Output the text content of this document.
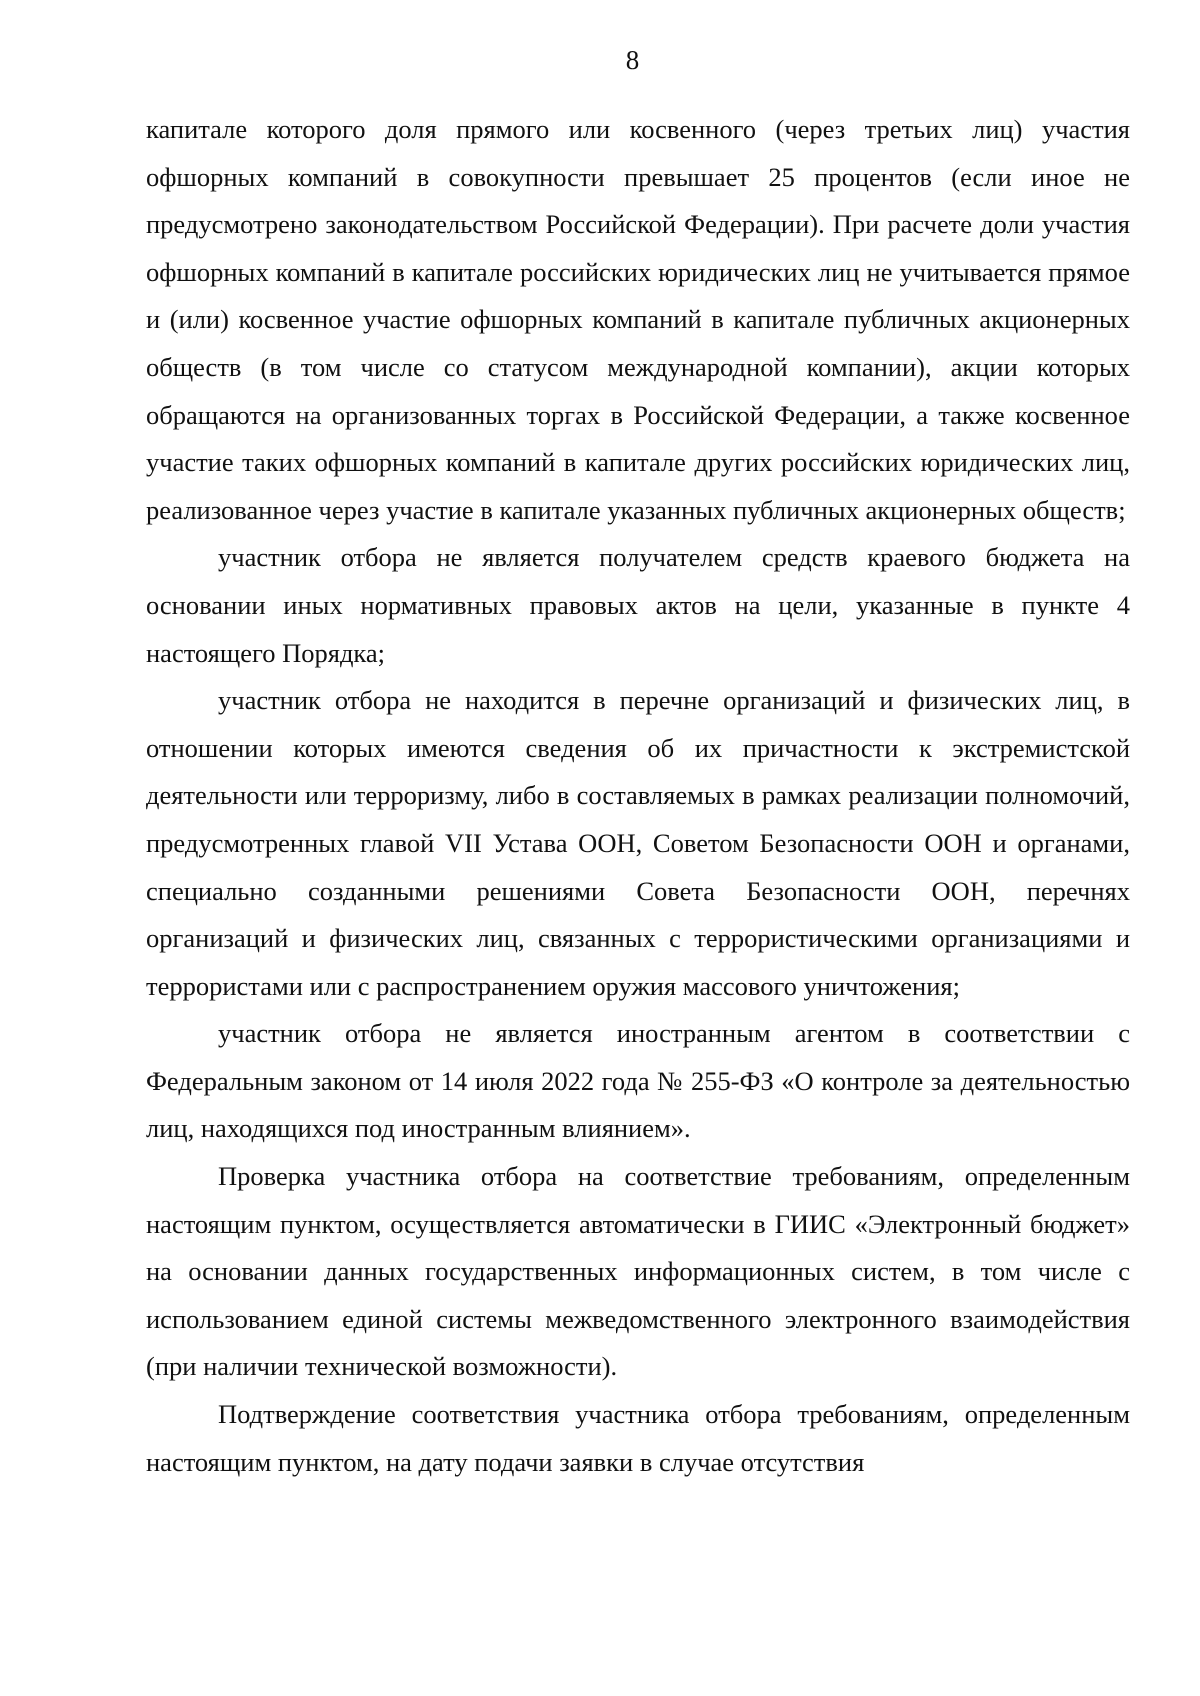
8

капитале которого доля прямого или косвенного (через третьих лиц) участия офшорных компаний в совокупности превышает 25 процентов (если иное не предусмотрено законодательством Российской Федерации). При расчете доли участия офшорных компаний в капитале российских юридических лиц не учитывается прямое и (или) косвенное участие офшорных компаний в капитале публичных акционерных обществ (в том числе со статусом международной компании), акции которых обращаются на организованных торгах в Российской Федерации, а также косвенное участие таких офшорных компаний в капитале других российских юридических лиц, реализованное через участие в капитале указанных публичных акционерных обществ;

участник отбора не является получателем средств краевого бюджета на основании иных нормативных правовых актов на цели, указанные в пункте 4 настоящего Порядка;

участник отбора не находится в перечне организаций и физических лиц, в отношении которых имеются сведения об их причастности к экстремистской деятельности или терроризму, либо в составляемых в рамках реализации полномочий, предусмотренных главой VII Устава ООН, Советом Безопасности ООН и органами, специально созданными решениями Совета Безопасности ООН, перечнях организаций и физических лиц, связанных с террористическими организациями и террористами или с распространением оружия массового уничтожения;

участник отбора не является иностранным агентом в соответствии с Федеральным законом от 14 июля 2022 года № 255-ФЗ «О контроле за деятельностью лиц, находящихся под иностранным влиянием».

Проверка участника отбора на соответствие требованиям, определенным настоящим пунктом, осуществляется автоматически в ГИИС «Электронный бюджет» на основании данных государственных информационных систем, в том числе с использованием единой системы межведомственного электронного взаимодействия (при наличии технической возможности).

Подтверждение соответствия участника отбора требованиям, определенным настоящим пунктом, на дату подачи заявки в случае отсутствия
